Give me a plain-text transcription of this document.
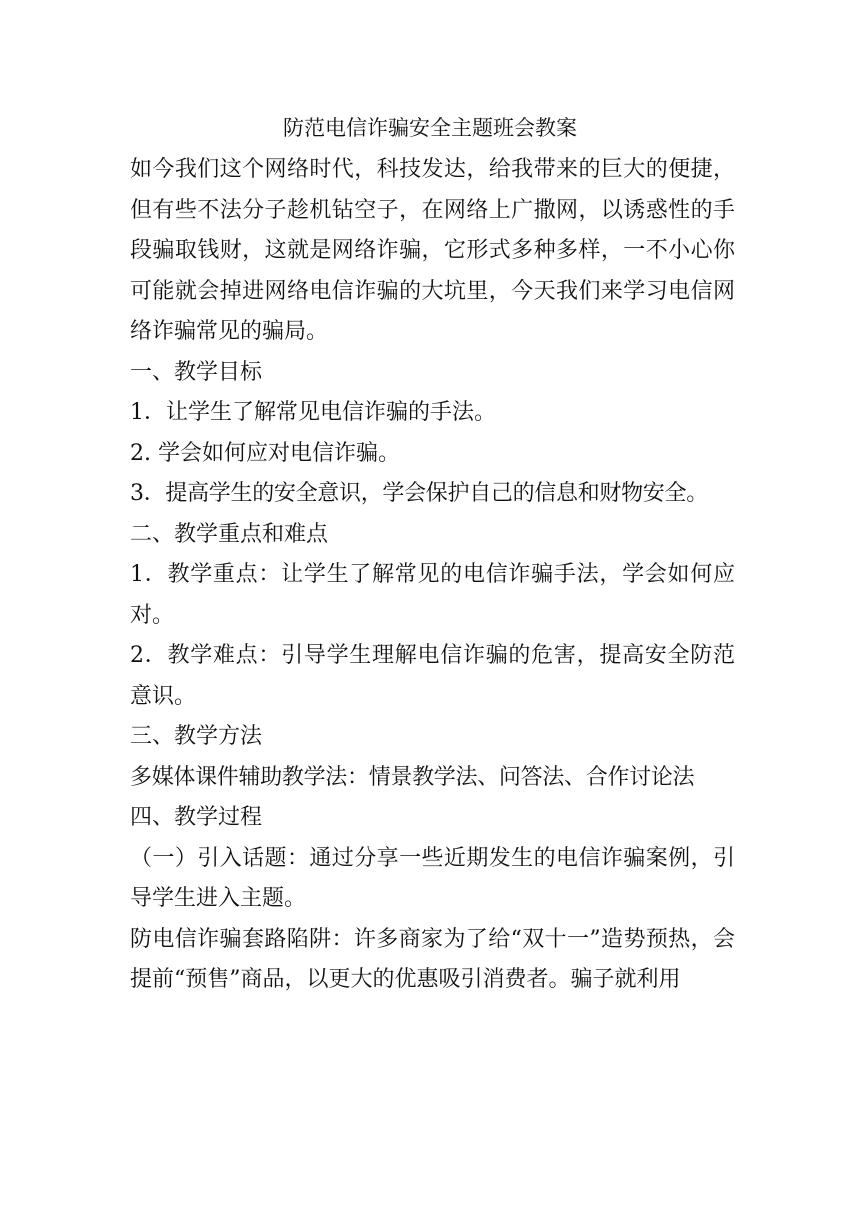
防范电信诈骗安全主题班会教案

如今我们这个网络时代，科技发达，给我带来的巨大的便捷，但有些不法分子趁机钻空子，在网络上广撒网，以诱惑性的手段骗取钱财，这就是网络诈骗，它形式多种多样，一不小心你可能就会掉进网络电信诈骗的大坑里，今天我们来学习电信网络诈骗常见的骗局。

一、教学目标

1．让学生了解常见电信诈骗的手法。

2. 学会如何应对电信诈骗。

3．提高学生的安全意识，学会保护自己的信息和财物安全。

二、教学重点和难点

1．教学重点：让学生了解常见的电信诈骗手法，学会如何应对。

2．教学难点：引导学生理解电信诈骗的危害，提高安全防范意识。

三、教学方法

多媒体课件辅助教学法：情景教学法、问答法、合作讨论法

四、教学过程

（一）引入话题：通过分享一些近期发生的电信诈骗案例，引导学生进入主题。

防电信诈骗套路陷阱：许多商家为了给“双十一”造势预热，会提前“预售”商品，以更大的优惠吸引消费者。骗子就利用
